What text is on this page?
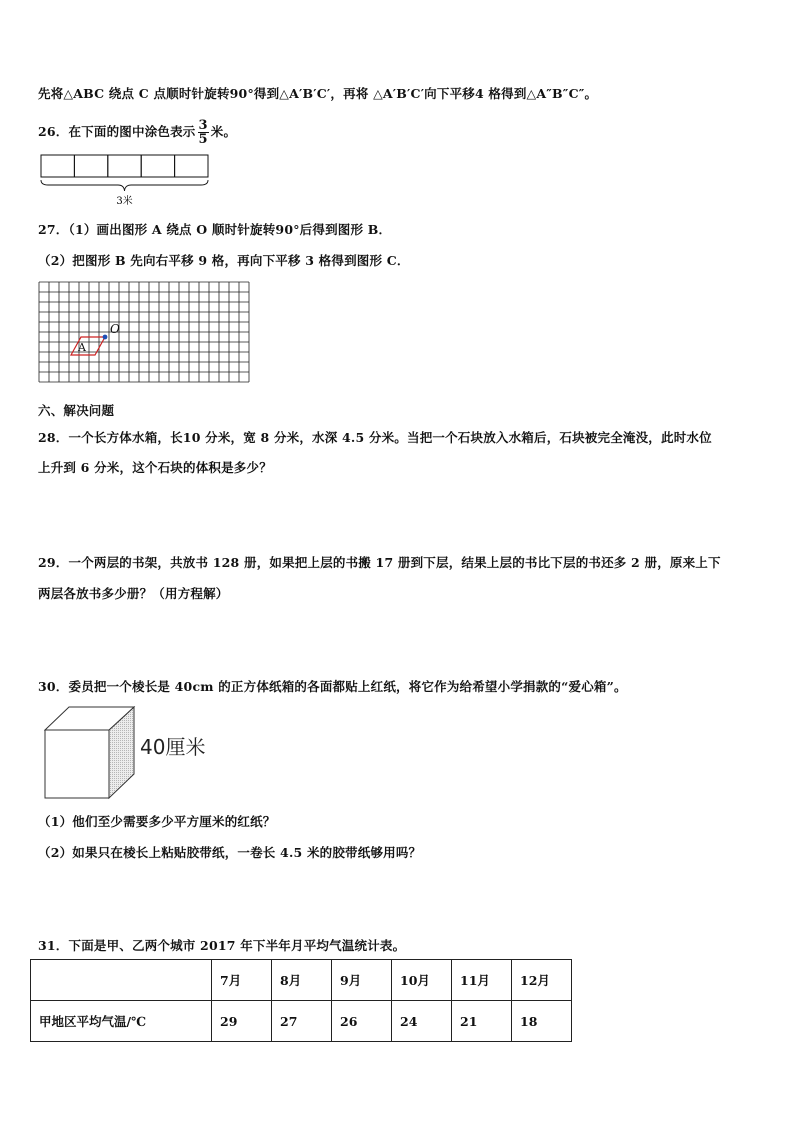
先将△ABC 绕点 C 点顺时针旋转90°得到△A′B′C′，再将 △A′B′C′向下平移4 格得到△A″B″C″。
26．在下面的图中涂色表示 $\frac{3}{5}$ 米。
3米
27．（1）画出图形 A 绕点 O 顺时针旋转90°后得到图形 B．
（2）把图形 B 先向右平移 9 格，再向下平移 3 格得到图形 C．
A
O
六、解决问题
28．一个长方体水箱，长10 分米，宽 8 分米，水深 4.5 分米。当把一个石块放入水箱后，石块被完全淹没，此时水位
上升到 6 分米，这个石块的体积是多少？
29．一个两层的书架，共放书 128 册，如果把上层的书搬 17 册到下层，结果上层的书比下层的书还多 2 册，原来上下
两层各放书多少册？（用方程解）
30．委员把一个棱长是 40cm 的正方体纸箱的各面都贴上红纸，将它作为给希望小学捐款的“爱心箱”。
40厘米
（1）他们至少需要多少平方厘米的红纸？
（2）如果只在棱长上粘贴胶带纸，一卷长 4.5 米的胶带纸够用吗？
31．下面是甲、乙两个城市 2017 年下半年月平均气温统计表。
	7月	8月	9月	10月	11月	12月
甲地区平均气温/℃	29	27	26	24	21	18
